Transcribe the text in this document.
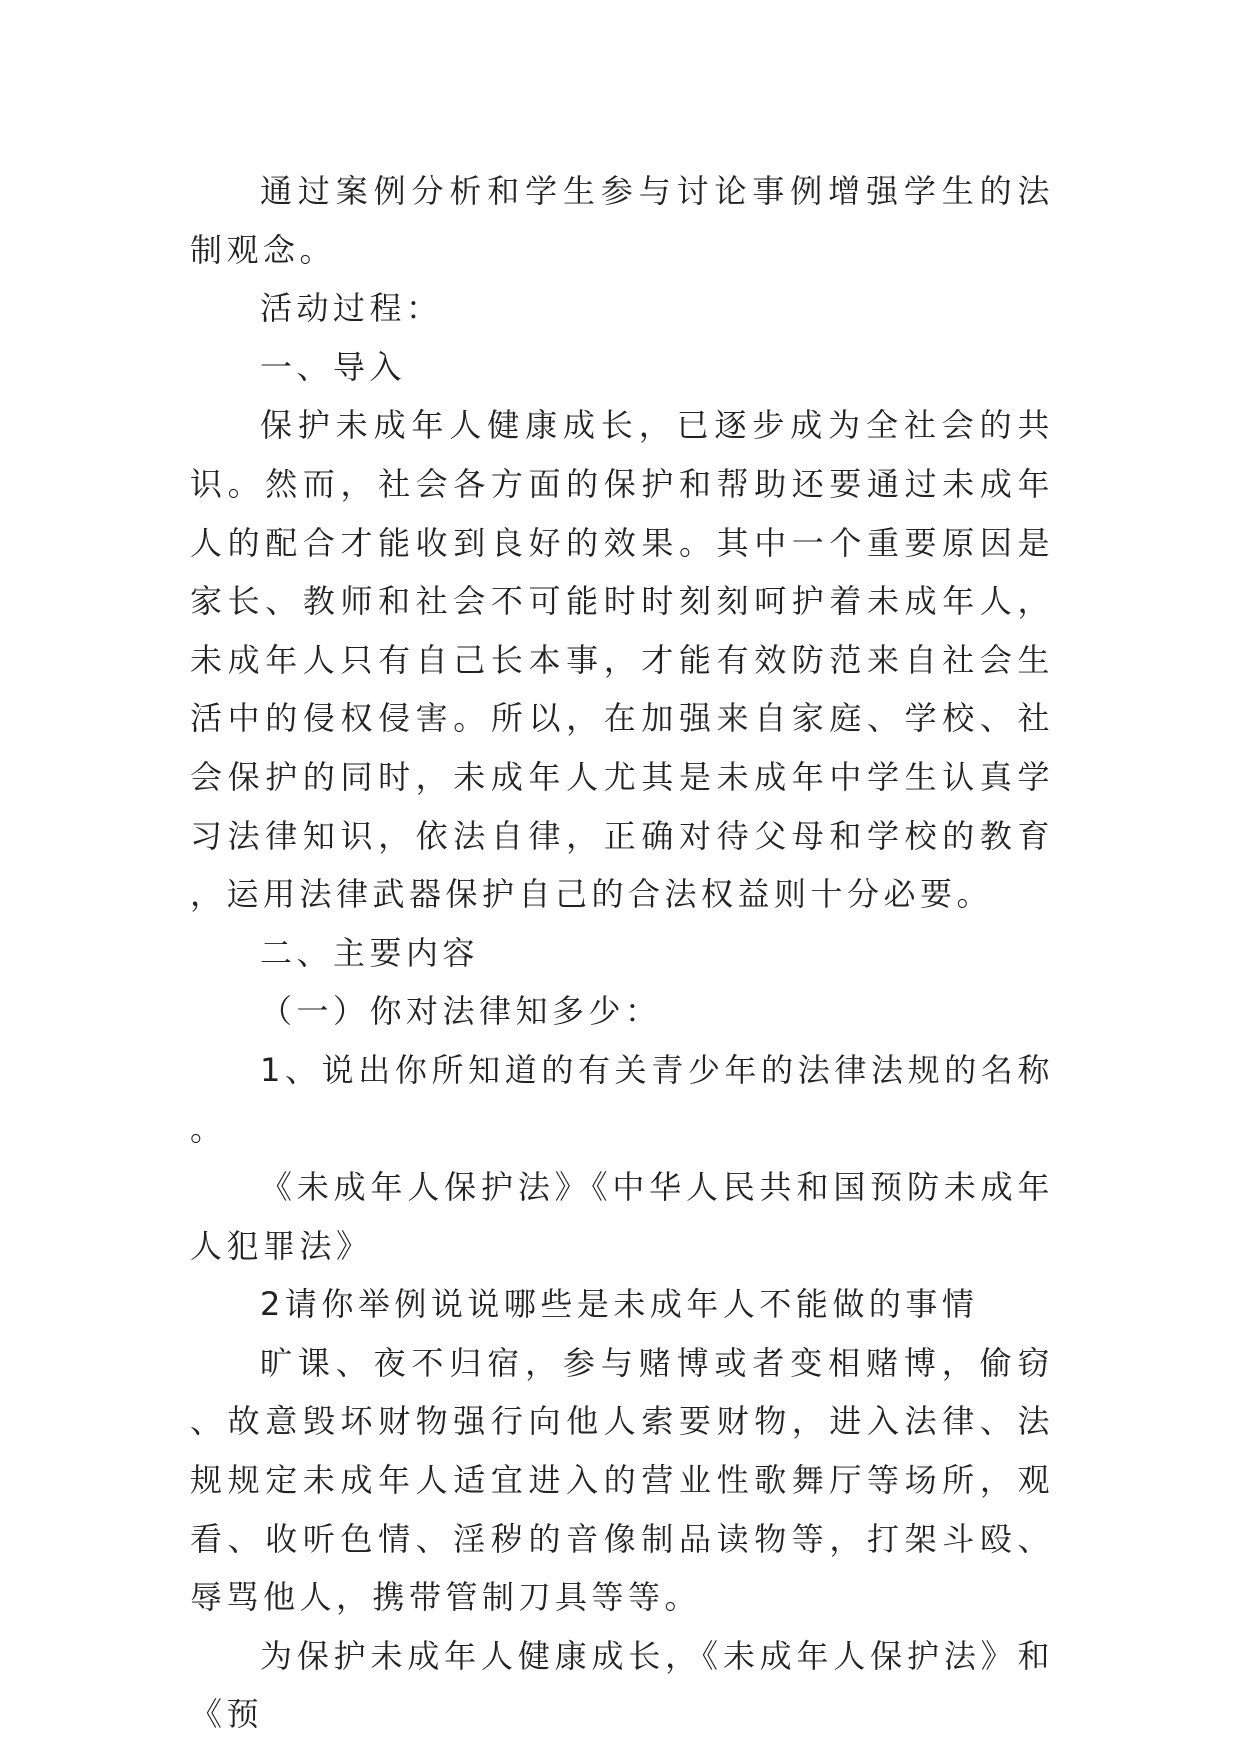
通过案例分析和学生参与讨论事例增强学生的法制观念。

活动过程：

一、导入

保护未成年人健康成长，已逐步成为全社会的共识。然而，社会各方面的保护和帮助还要通过未成年人的配合才能收到良好的效果。其中一个重要原因是家长、教师和社会不可能时时刻刻呵护着未成年人，未成年人只有自己长本事，才能有效防范来自社会生活中的侵权侵害。所以，在加强来自家庭、学校、社会保护的同时，未成年人尤其是未成年中学生认真学习法律知识，依法自律，正确对待父母和学校的教育，运用法律武器保护自己的合法权益则十分必要。

二、主要内容

（一）你对法律知多少：

1、说出你所知道的有关青少年的法律法规的名称。

《未成年人保护法》《中华人民共和国预防未成年人犯罪法》

2请你举例说说哪些是未成年人不能做的事情

旷课、夜不归宿，参与赌博或者变相赌博，偷窃、故意毁坏财物强行向他人索要财物，进入法律、法规规定未成年人适宜进入的营业性歌舞厅等场所，观看、收听色情、淫秽的音像制品读物等，打架斗殴、辱骂他人，携带管制刀具等等。

为保护未成年人健康成长，《未成年人保护法》和《预
